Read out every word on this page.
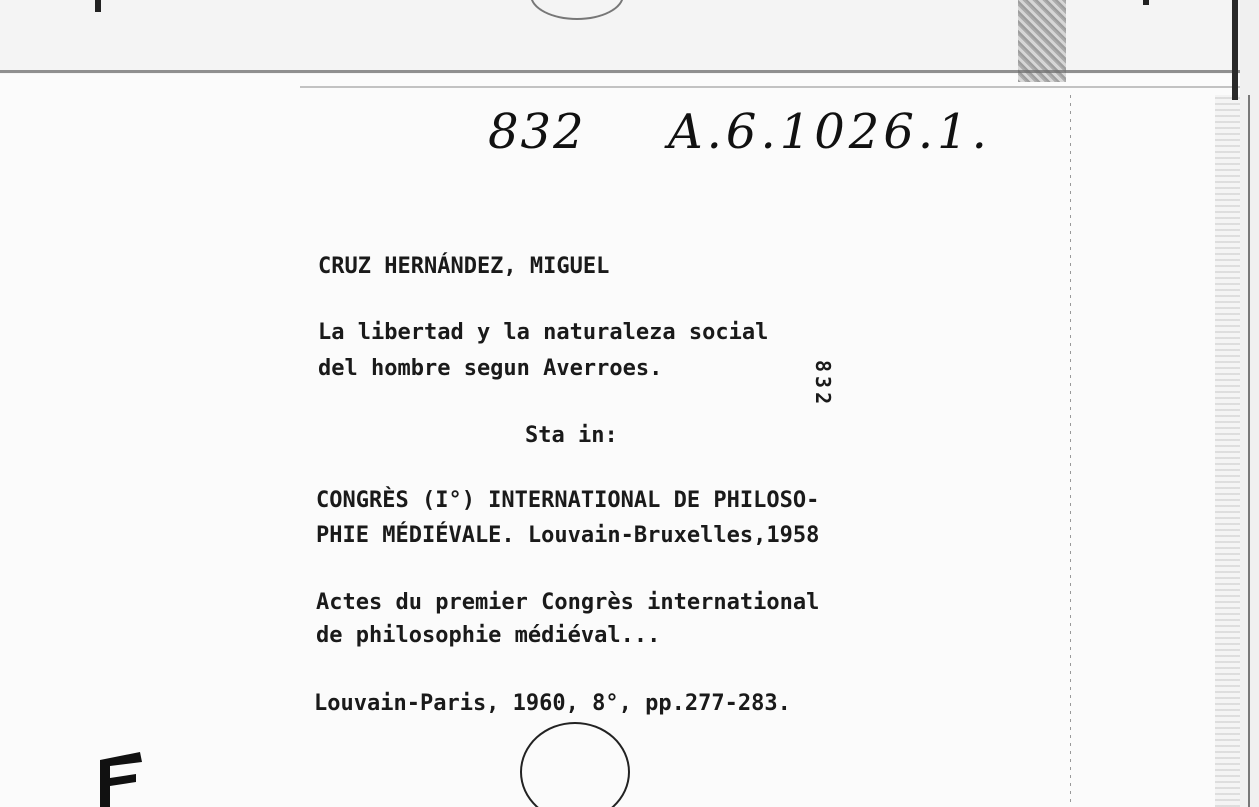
832 A.6.1026.1.
CRUZ HERNÁNDEZ, MIGUEL
La libertad y la naturaleza social
del hombre segun Averroes.	832
Sta in:
CONGRÈS (I°) INTERNATIONAL DE PHILOSO-
PHIE MÉDIÉVALE. Louvain-Bruxelles,1958
Actes du premier Congrès international
de philosophie médiéval...
Louvain-Paris, 1960, 8°, pp.277-283.
